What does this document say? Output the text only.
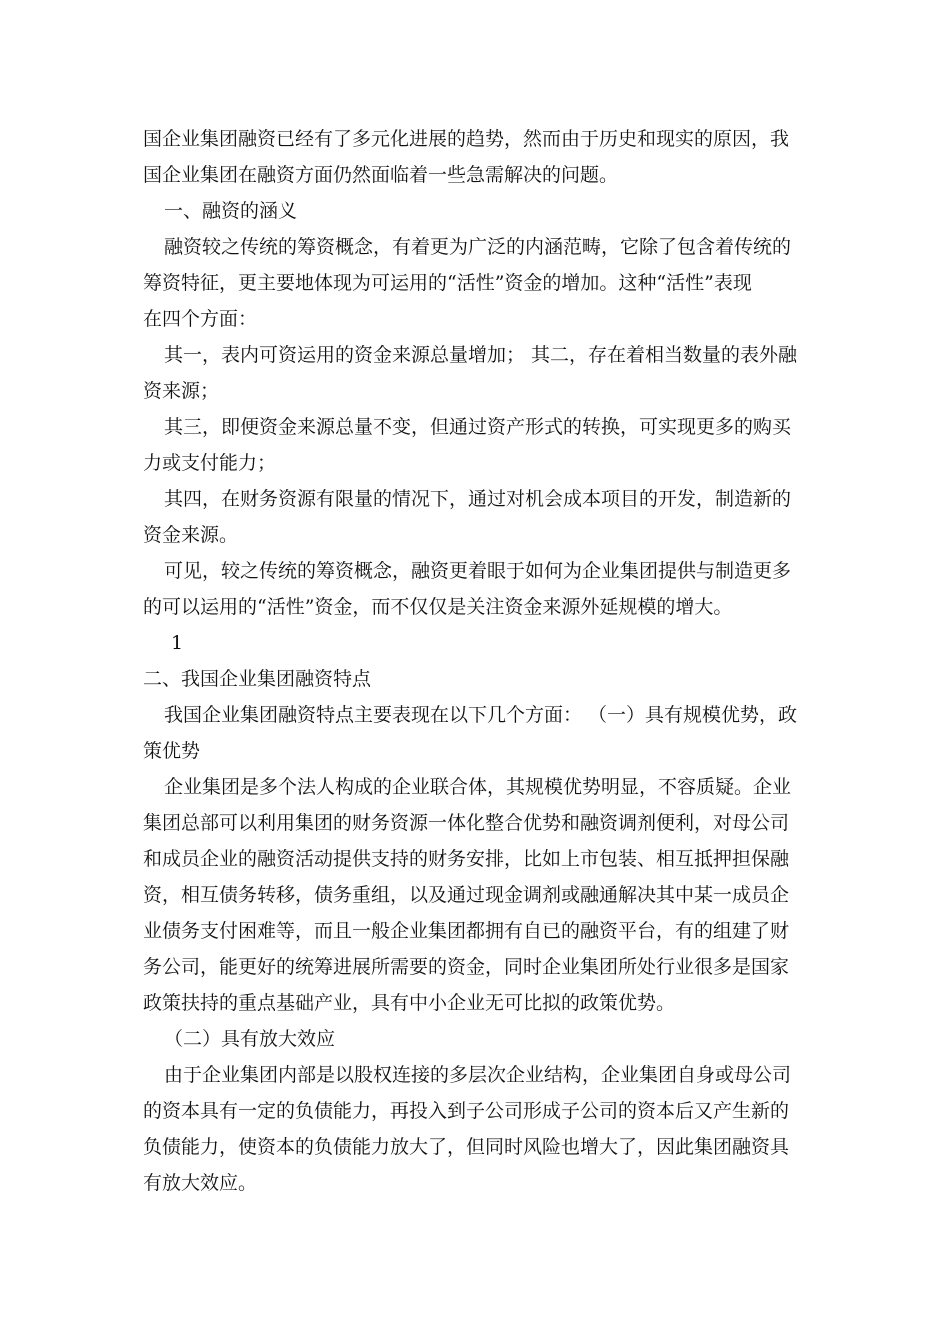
国企业集团融资已经有了多元化进展的趋势，然而由于历史和现实的原因，我
国企业集团在融资方面仍然面临着一些急需解决的问题。
一、融资的涵义
融资较之传统的筹资概念，有着更为广泛的内涵范畴，它除了包含着传统的
筹资特征，更主要地体现为可运用的“活性”资金的增加。这种“活性”表现
在四个方面：
其一，表内可资运用的资金来源总量增加； 其二，存在着相当数量的表外融
资来源；
其三，即便资金来源总量不变，但通过资产形式的转换，可实现更多的购买
力或支付能力；
其四，在财务资源有限量的情况下，通过对机会成本项目的开发，制造新的
资金来源。
可见，较之传统的筹资概念，融资更着眼于如何为企业集团提供与制造更多
的可以运用的“活性”资金，而不仅仅是关注资金来源外延规模的增大。
1
二、我国企业集团融资特点
我国企业集团融资特点主要表现在以下几个方面： （一）具有规模优势，政
策优势
企业集团是多个法人构成的企业联合体，其规模优势明显，不容质疑。企业
集团总部可以利用集团的财务资源一体化整合优势和融资调剂便利，对母公司
和成员企业的融资活动提供支持的财务安排，比如上市包装、相互抵押担保融
资，相互债务转移，债务重组，以及通过现金调剂或融通解决其中某一成员企
业债务支付困难等，而且一般企业集团都拥有自已的融资平台，有的组建了财
务公司，能更好的统筹进展所需要的资金，同时企业集团所处行业很多是国家
政策扶持的重点基础产业，具有中小企业无可比拟的政策优势。
（二）具有放大效应
由于企业集团内部是以股权连接的多层次企业结构，企业集团自身或母公司
的资本具有一定的负债能力，再投入到子公司形成子公司的资本后又产生新的
负债能力，使资本的负债能力放大了，但同时风险也增大了，因此集团融资具
有放大效应。
